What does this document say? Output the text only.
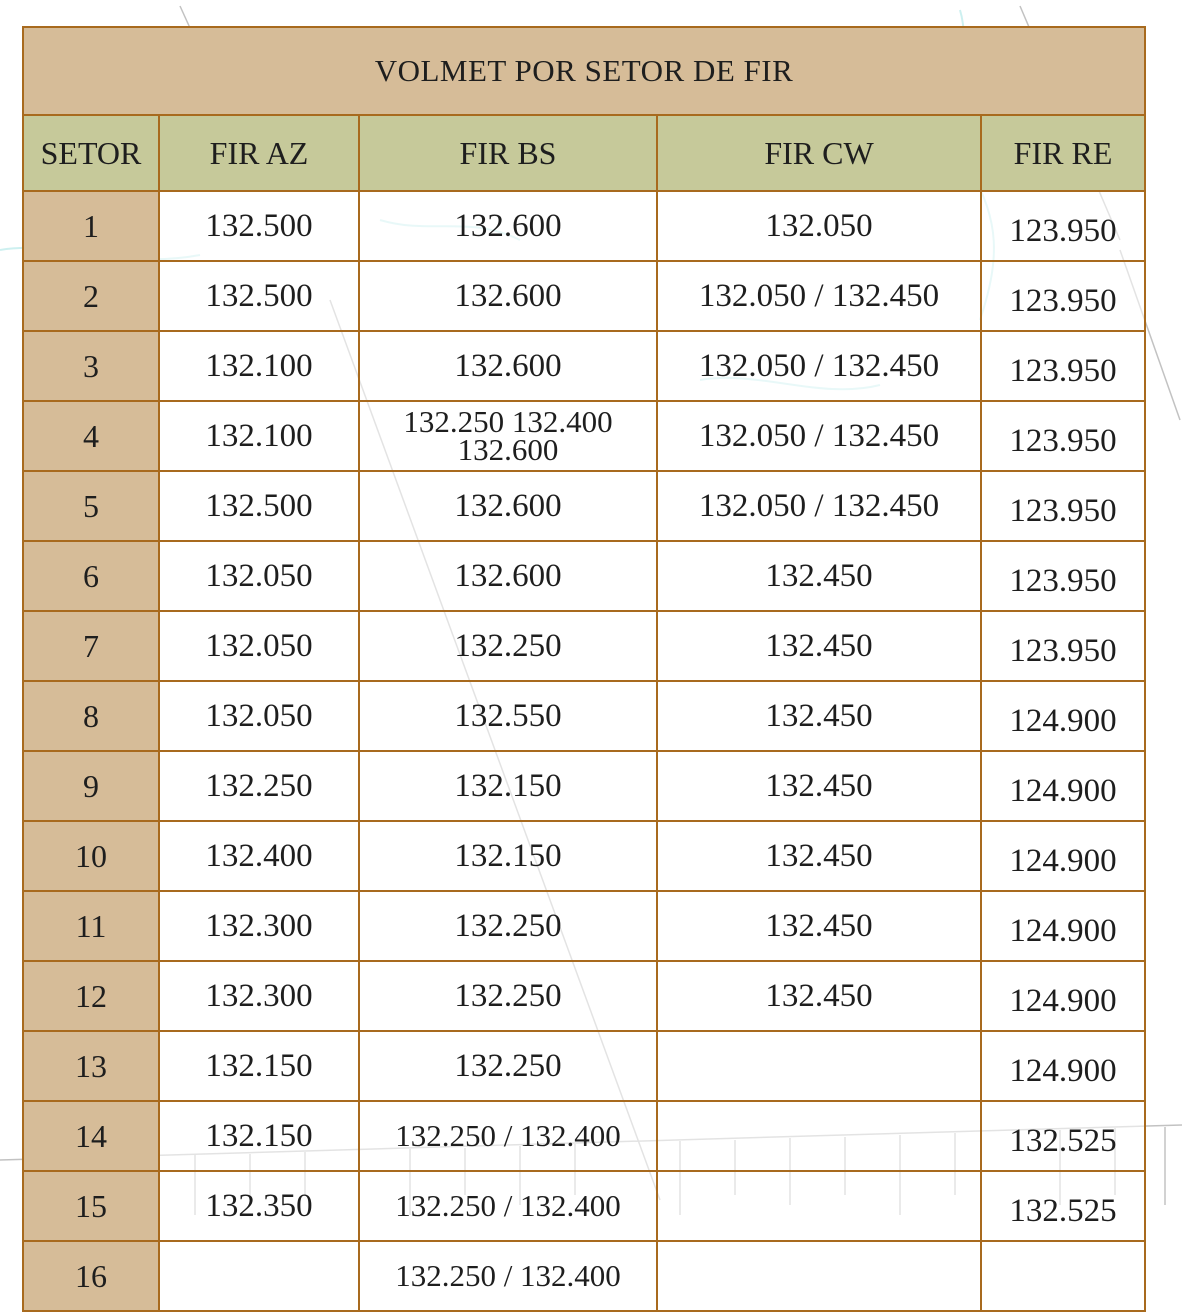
VOLMET POR SETOR DE FIR				
SETOR	FIR AZ	FIR BS	FIR CW	FIR RE
1	132.500	132.600	132.050	123.950
2	132.500	132.600	132.050 / 132.450	123.950
3	132.100	132.600	132.050 / 132.450	123.950
4	132.100	132.250 132.400 132.600	132.050 / 132.450	123.950
5	132.500	132.600	132.050 / 132.450	123.950
6	132.050	132.600	132.450	123.950
7	132.050	132.250	132.450	123.950
8	132.050	132.550	132.450	124.900
9	132.250	132.150	132.450	124.900
10	132.400	132.150	132.450	124.900
11	132.300	132.250	132.450	124.900
12	132.300	132.250	132.450	124.900
13	132.150	132.250		124.900
14	132.150	132.250 / 132.400		132.525
15	132.350	132.250 / 132.400		132.525
16		132.250 / 132.400		
